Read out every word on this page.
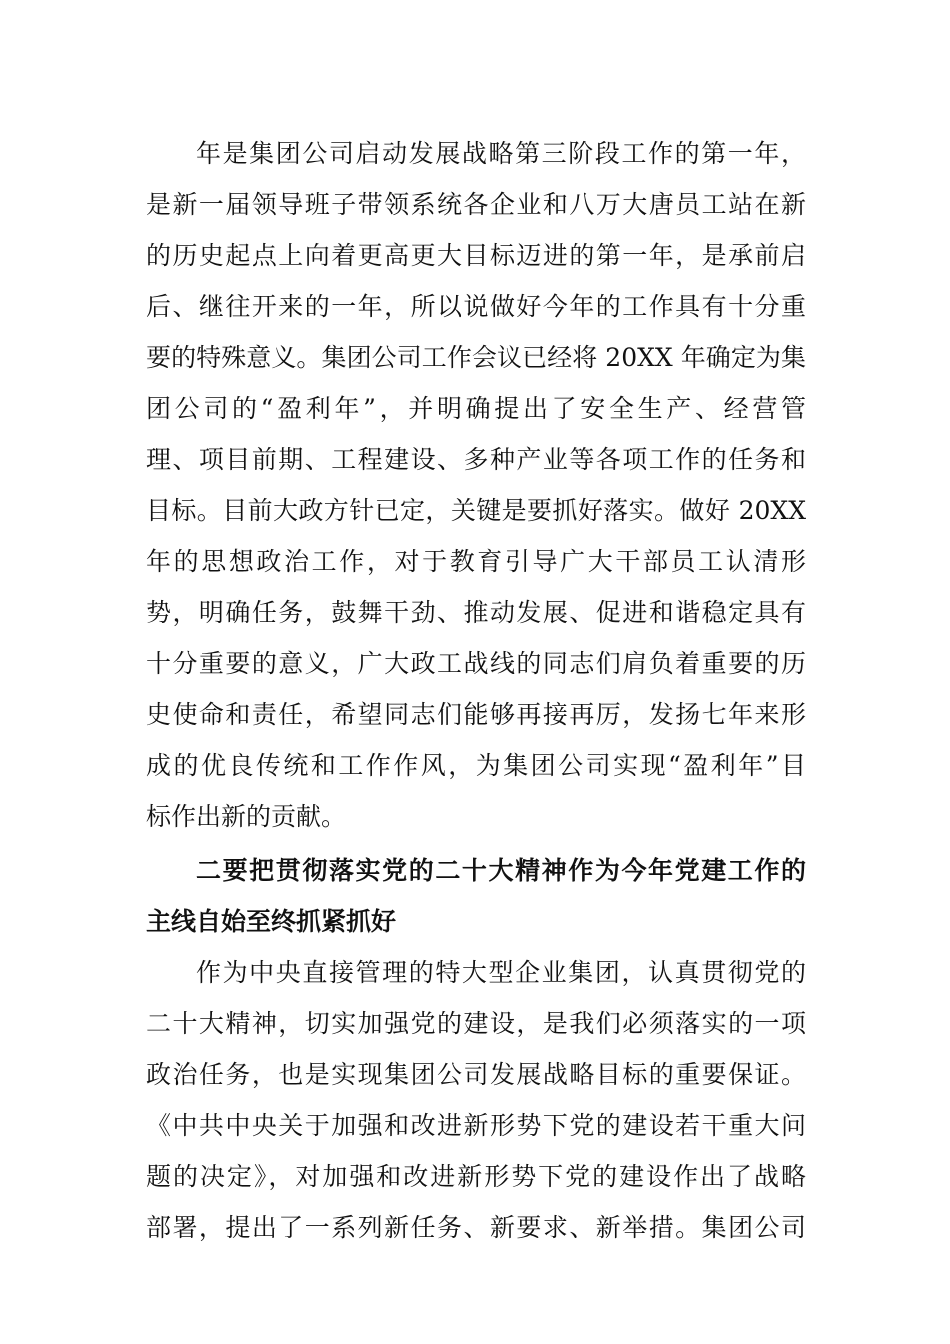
年是集团公司启动发展战略第三阶段工作的第一年，
是新一届领导班子带领系统各企业和八万大唐员工站在新
的历史起点上向着更高更大目标迈进的第一年，是承前启
后、继往开来的一年，所以说做好今年的工作具有十分重
要的特殊意义。集团公司工作会议已经将 20XX 年确定为集
团公司的“盈利年”，并明确提出了安全生产、经营管
理、项目前期、工程建设、多种产业等各项工作的任务和
目标。目前大政方针已定，关键是要抓好落实。做好 20XX
年的思想政治工作，对于教育引导广大干部员工认清形
势，明确任务，鼓舞干劲、推动发展、促进和谐稳定具有
十分重要的意义，广大政工战线的同志们肩负着重要的历
史使命和责任，希望同志们能够再接再厉，发扬七年来形
成的优良传统和工作作风，为集团公司实现“盈利年”目
标作出新的贡献。
二要把贯彻落实党的二十大精神作为今年党建工作的
主线自始至终抓紧抓好
作为中央直接管理的特大型企业集团，认真贯彻党的
二十大精神，切实加强党的建设，是我们必须落实的一项
政治任务，也是实现集团公司发展战略目标的重要保证。
《中共中央关于加强和改进新形势下党的建设若干重大问
题的决定》，对加强和改进新形势下党的建设作出了战略
部署，提出了一系列新任务、新要求、新举措。集团公司
